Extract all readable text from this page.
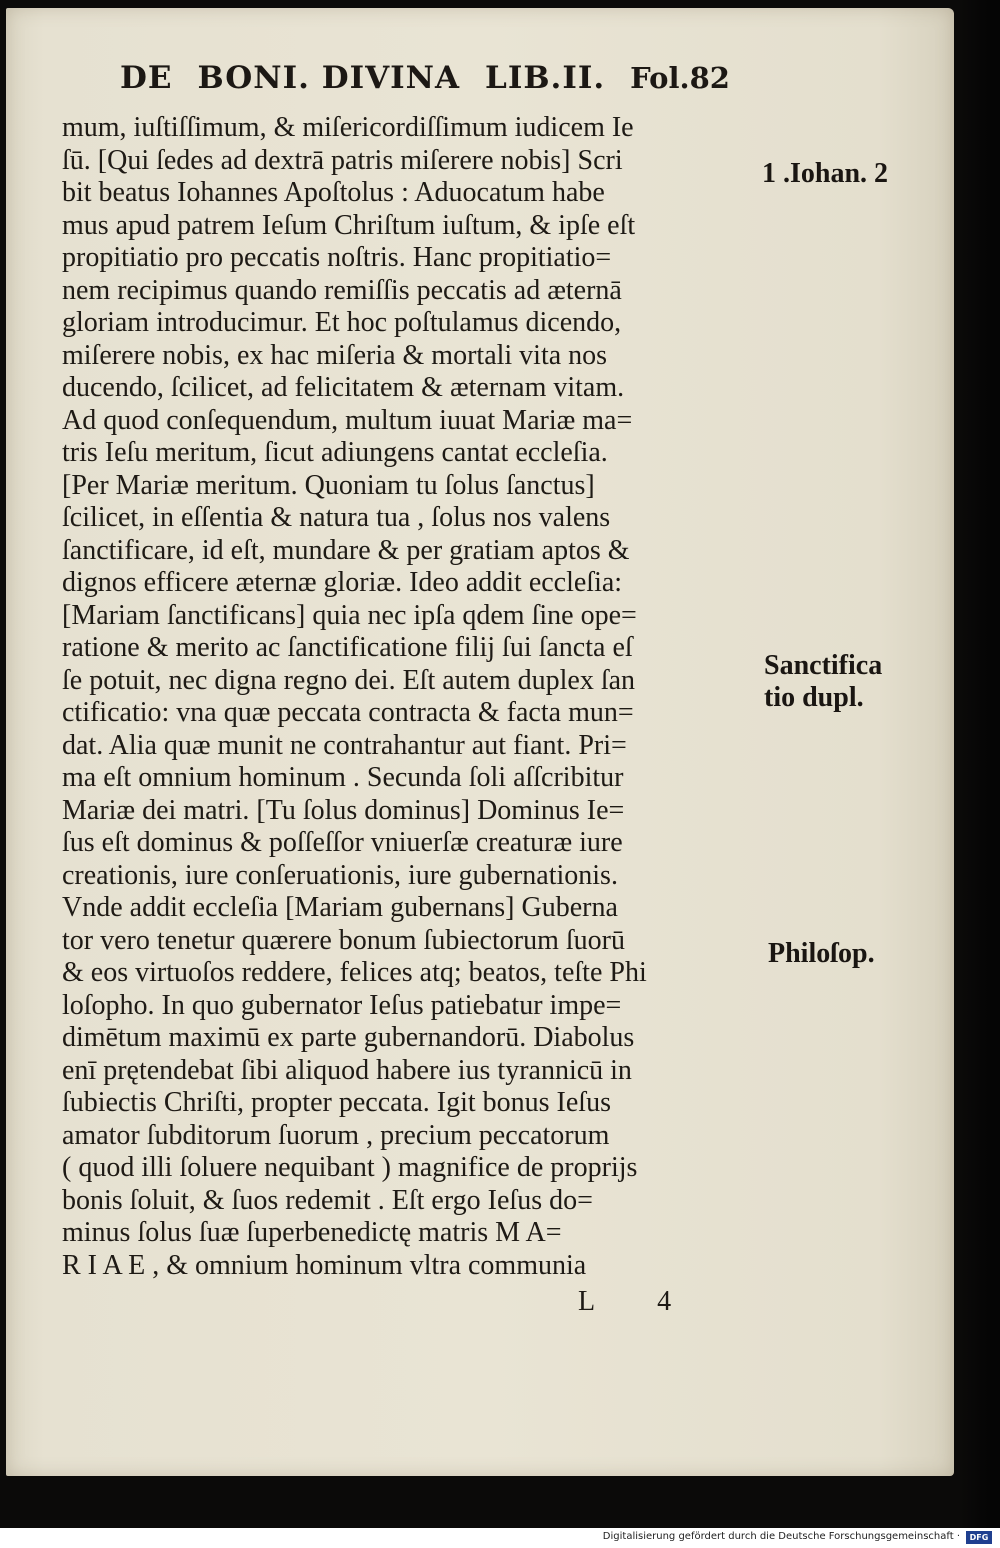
DE BONI. DIVINA LIB.II. Fol.82
mum, iuſtiſſimum, & miſericordiſſimum iudicem Ie
ſū. [Qui ſedes ad dextrā patris miſerere nobis] Scri
bit beatus Iohannes Apoſtolus : Aduocatum habe
mus apud patrem Ieſum Chriſtum iuſtum, & ipſe eſt
propitiatio pro peccatis noſtris. Hanc propitiatio=
nem recipimus quando remiſſis peccatis ad æternā
gloriam introducimur. Et hoc poſtulamus dicendo,
miſerere nobis, ex hac miſeria & mortali vita nos
ducendo, ſcilicet, ad felicitatem & æternam vitam.
Ad quod conſequendum, multum iuuat Mariæ ma=
tris Ieſu meritum, ſicut adiungens cantat eccleſia.
[Per Mariæ meritum. Quoniam tu ſolus ſanctus]
ſcilicet, in eſſentia & natura tua , ſolus nos valens
ſanctificare, id eſt, mundare & per gratiam aptos &
dignos efficere æternæ gloriæ. Ideo addit eccleſia:
[Mariam ſanctificans] quia nec ipſa qdem ſine ope=
ratione & merito ac ſanctificatione filij ſui ſancta eſ
ſe potuit, nec digna regno dei. Eſt autem duplex ſan
ctificatio: vna quæ peccata contracta & facta mun=
dat. Alia quæ munit ne contrahantur aut fiant. Pri=
ma eſt omnium hominum . Secunda ſoli aſſcribitur
Mariæ dei matri. [Tu ſolus dominus] Dominus Ie=
ſus eſt dominus & poſſeſſor vniuerſæ creaturæ iure
creationis, iure conſeruationis, iure gubernationis.
Vnde addit eccleſia [Mariam gubernans] Guberna
tor vero tenetur quærere bonum ſubiectorum ſuorū
& eos virtuoſos reddere, felices atq; beatos, teſte Phi
loſopho. In quo gubernator Ieſus patiebatur impe=
dimētum maximū ex parte gubernandorū. Diabolus
enī prętendebat ſibi aliquod habere ius tyrannicū in
ſubiectis Chriſti, propter peccata. Igit bonus Ieſus
amator ſubditorum ſuorum , precium peccatorum
( quod illi ſoluere nequibant ) magnifice de proprijs
bonis ſoluit, & ſuos redemit . Eſt ergo Ieſus do=
minus ſolus ſuæ ſuperbenedictę matris M A=
R I A E , & omnium hominum vltra communia
1 .Iohan. 2
Sanctifica
tio dupl.
Philoſop.
L 4
Digitalisierung gefördert durch die Deutsche Forschungsgemeinschaft ·	DFG
